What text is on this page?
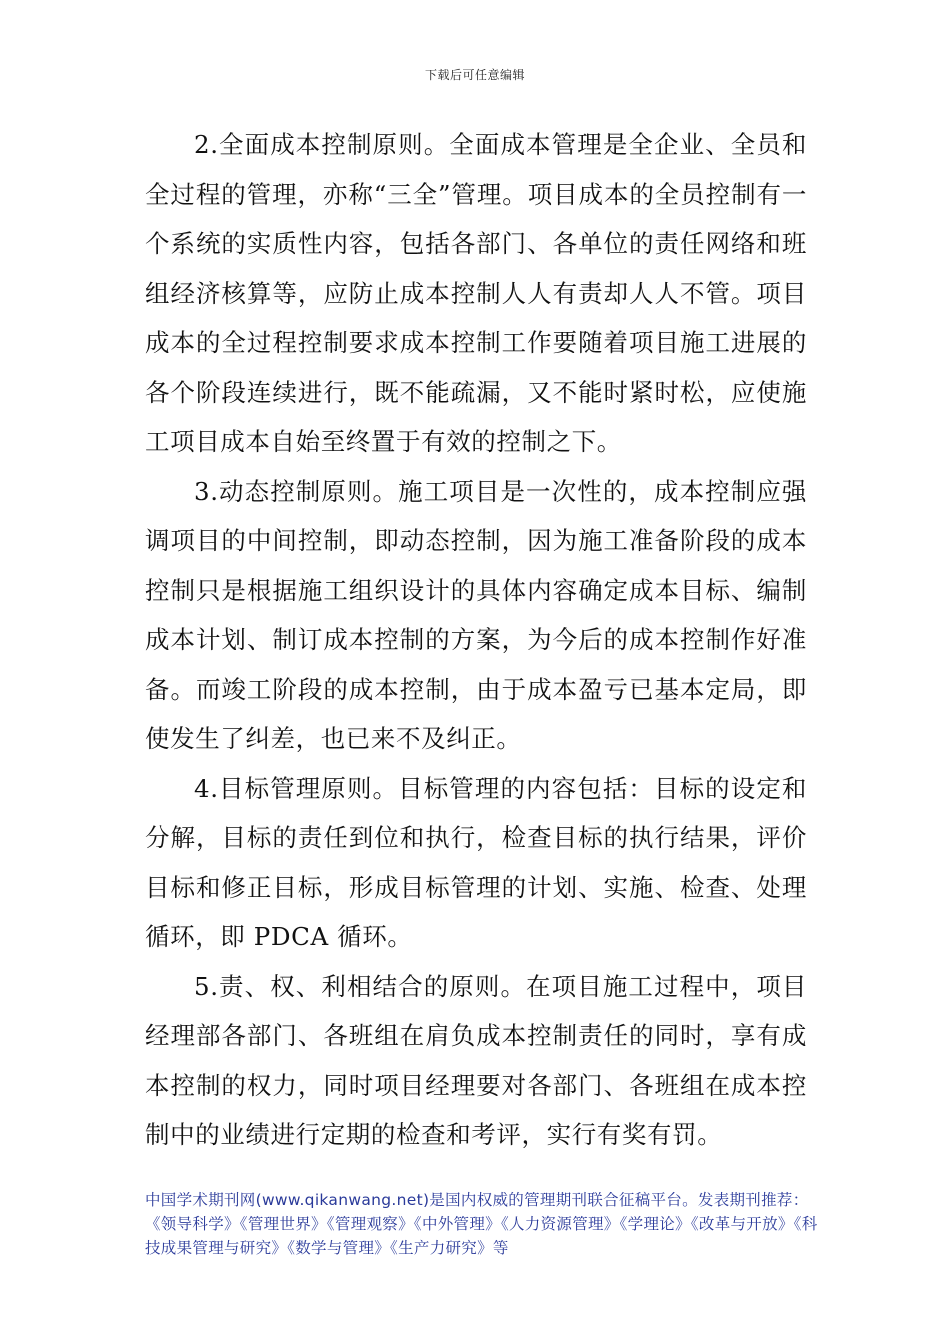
下载后可任意编辑

2.全面成本控制原则。全面成本管理是全企业、全员和全过程的管理，亦称“三全”管理。项目成本的全员控制有一个系统的实质性内容，包括各部门、各单位的责任网络和班组经济核算等，应防止成本控制人人有责却人人不管。项目成本的全过程控制要求成本控制工作要随着项目施工进展的各个阶段连续进行，既不能疏漏，又不能时紧时松，应使施工项目成本自始至终置于有效的控制之下。

3.动态控制原则。施工项目是一次性的，成本控制应强调项目的中间控制，即动态控制，因为施工准备阶段的成本控制只是根据施工组织设计的具体内容确定成本目标、编制成本计划、制订成本控制的方案，为今后的成本控制作好准备。而竣工阶段的成本控制，由于成本盈亏已基本定局，即使发生了纠差，也已来不及纠正。

4.目标管理原则。目标管理的内容包括：目标的设定和分解，目标的责任到位和执行，检查目标的执行结果，评价目标和修正目标，形成目标管理的计划、实施、检查、处理循环，即 PDCA 循环。

5.责、权、利相结合的原则。在项目施工过程中，项目经理部各部门、各班组在肩负成本控制责任的同时，享有成本控制的权力，同时项目经理要对各部门、各班组在成本控制中的业绩进行定期的检查和考评，实行有奖有罚。

中国学术期刊网(www.qikanwang.net)是国内权威的管理期刊联合征稿平台。发表期刊推荐：《领导科学》《管理世界》《管理观察》《中外管理》《人力资源管理》《学理论》《改革与开放》《科技成果管理与研究》《数学与管理》《生产力研究》等
